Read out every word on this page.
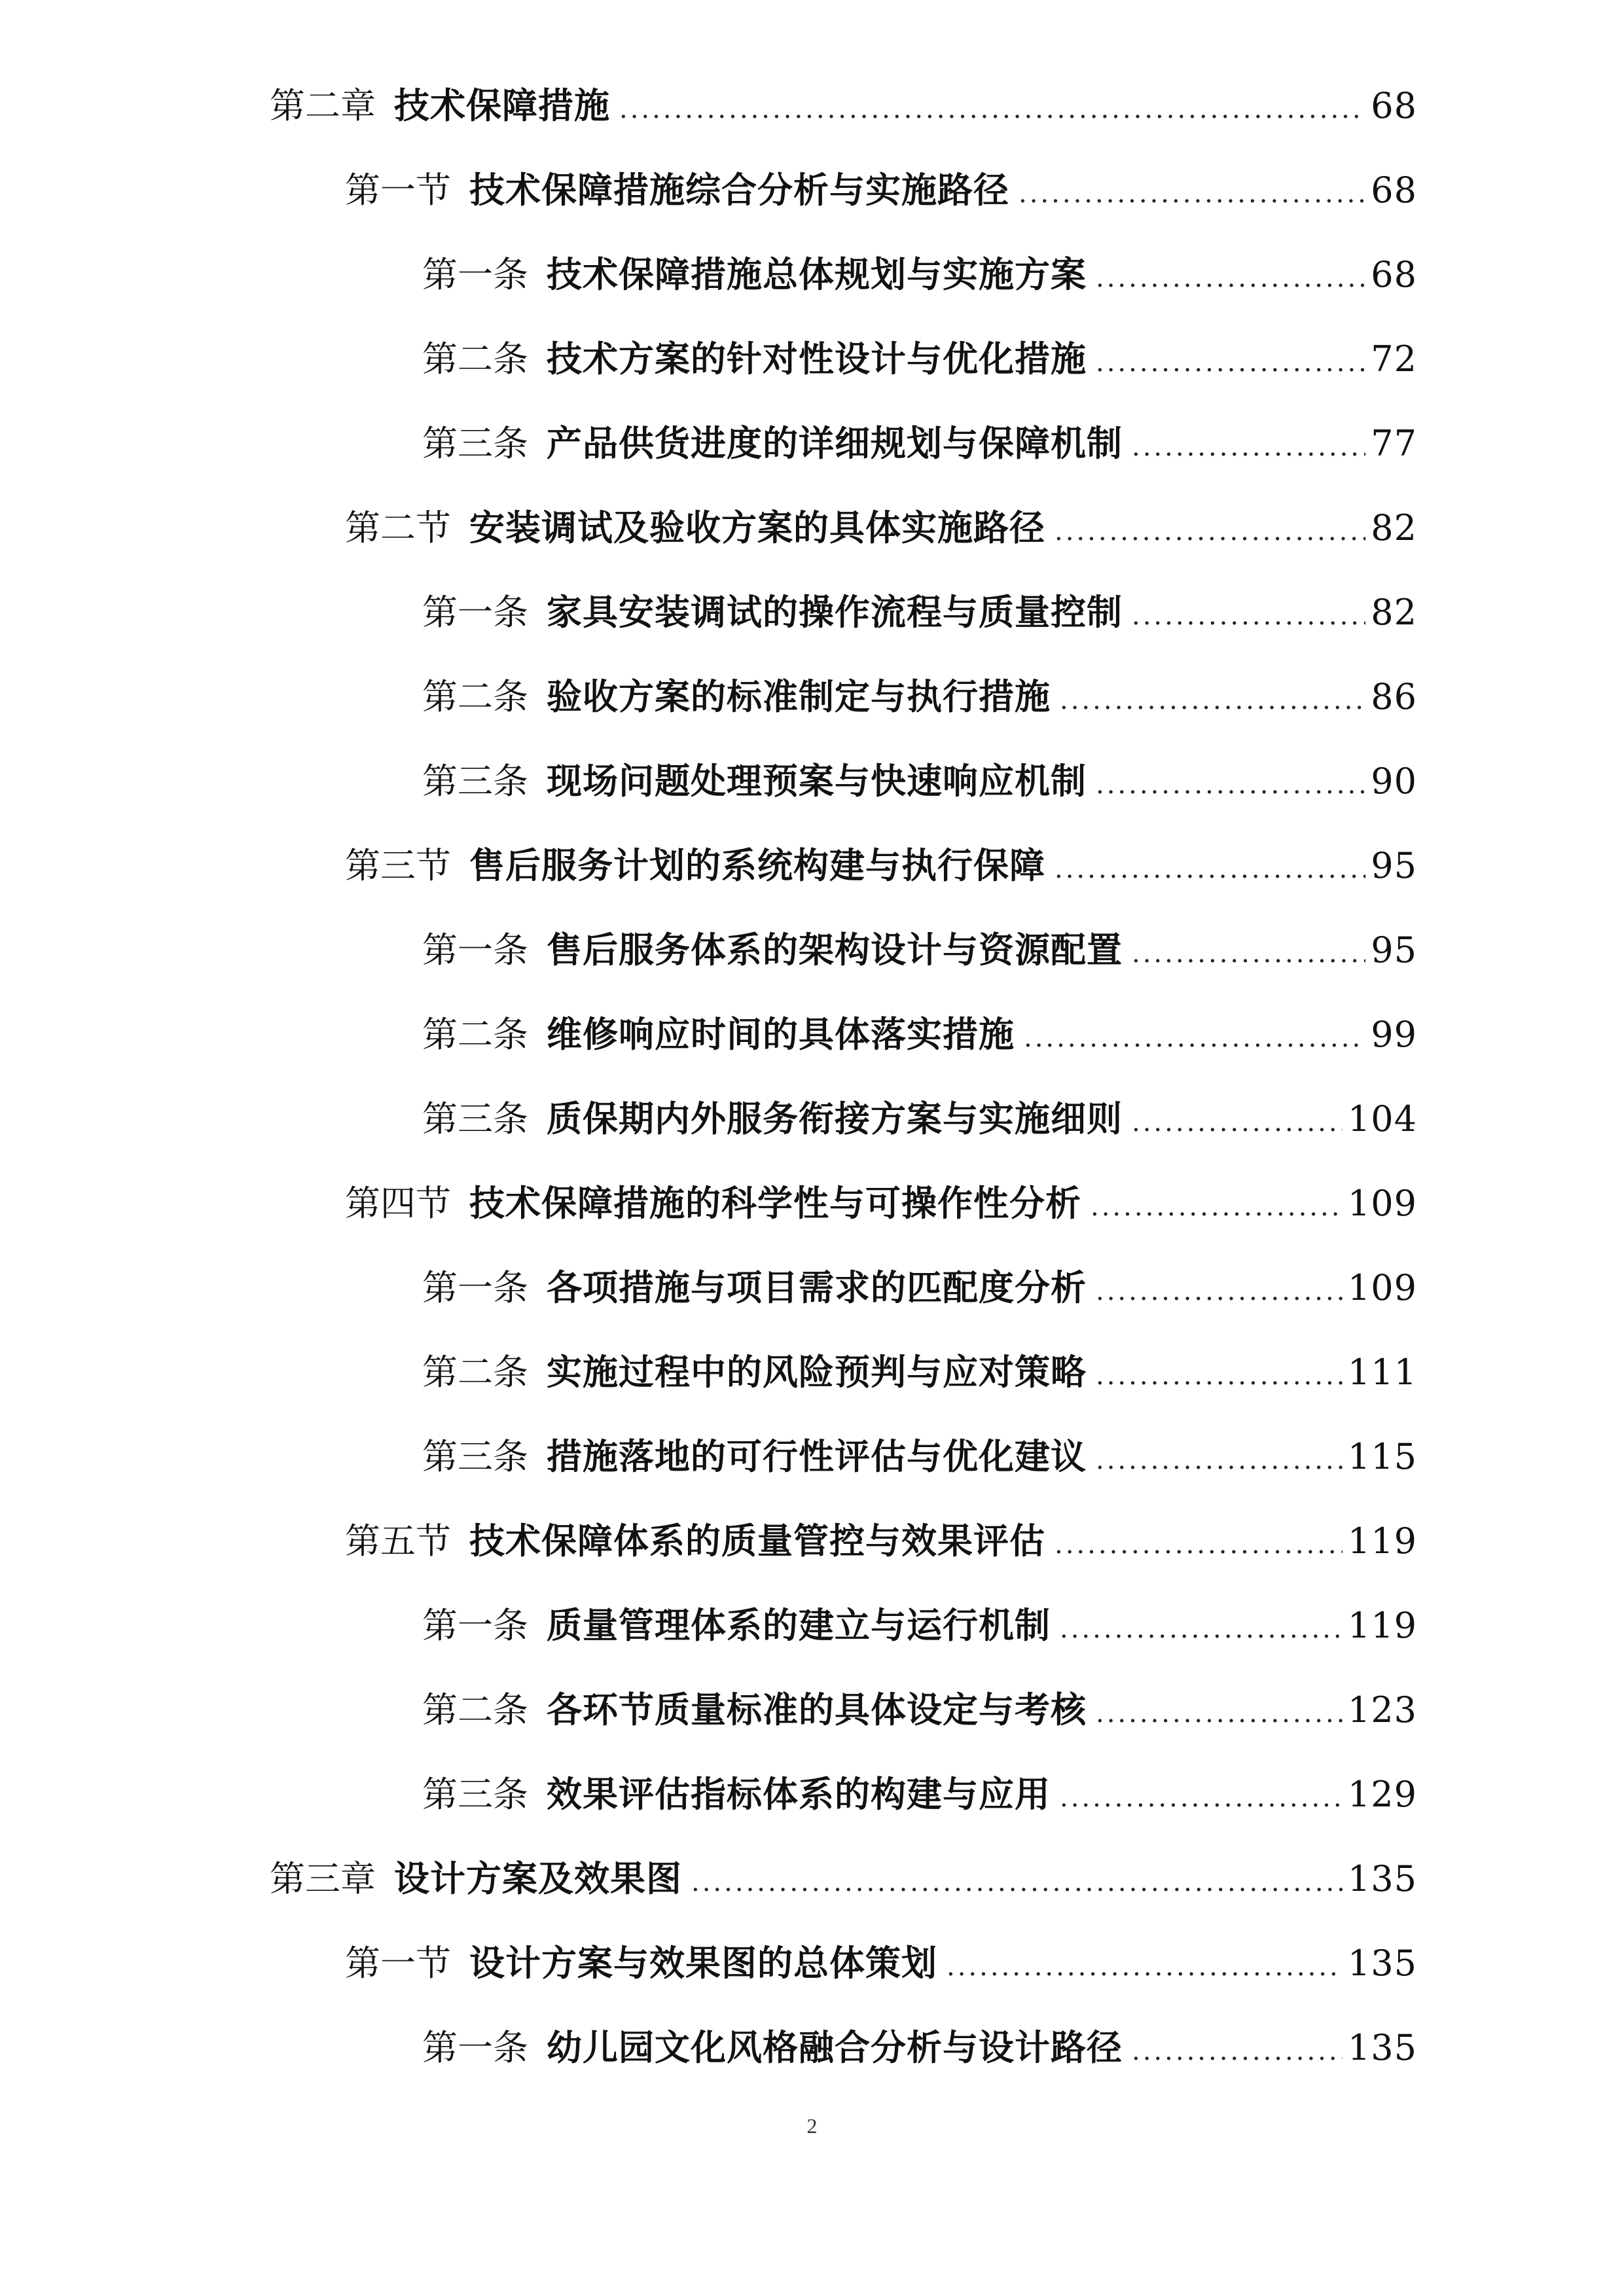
第二章 技术保障措施 .....	68
第一节 技术保障措施综合分析与实施路径 .....	68
第一条 技术保障措施总体规划与实施方案 .....	68
第二条 技术方案的针对性设计与优化措施 .....	72
第三条 产品供货进度的详细规划与保障机制 .....	77
第二节 安装调试及验收方案的具体实施路径 .....	82
第一条 家具安装调试的操作流程与质量控制 .....	82
第二条 验收方案的标准制定与执行措施 .....	86
第三条 现场问题处理预案与快速响应机制 .....	90
第三节 售后服务计划的系统构建与执行保障 .....	95
第一条 售后服务体系的架构设计与资源配置 .....	95
第二条 维修响应时间的具体落实措施 .....	99
第三条 质保期内外服务衔接方案与实施细则 .....	104
第四节 技术保障措施的科学性与可操作性分析 .....	109
第一条 各项措施与项目需求的匹配度分析 .....	109
第二条 实施过程中的风险预判与应对策略 .....	111
第三条 措施落地的可行性评估与优化建议 .....	115
第五节 技术保障体系的质量管控与效果评估 .....	119
第一条 质量管理体系的建立与运行机制 .....	119
第二条 各环节质量标准的具体设定与考核 .....	123
第三条 效果评估指标体系的构建与应用 .....	129
第三章 设计方案及效果图 .....	135
第一节 设计方案与效果图的总体策划 .....	135
第一条 幼儿园文化风格融合分析与设计路径 .....	135
2
